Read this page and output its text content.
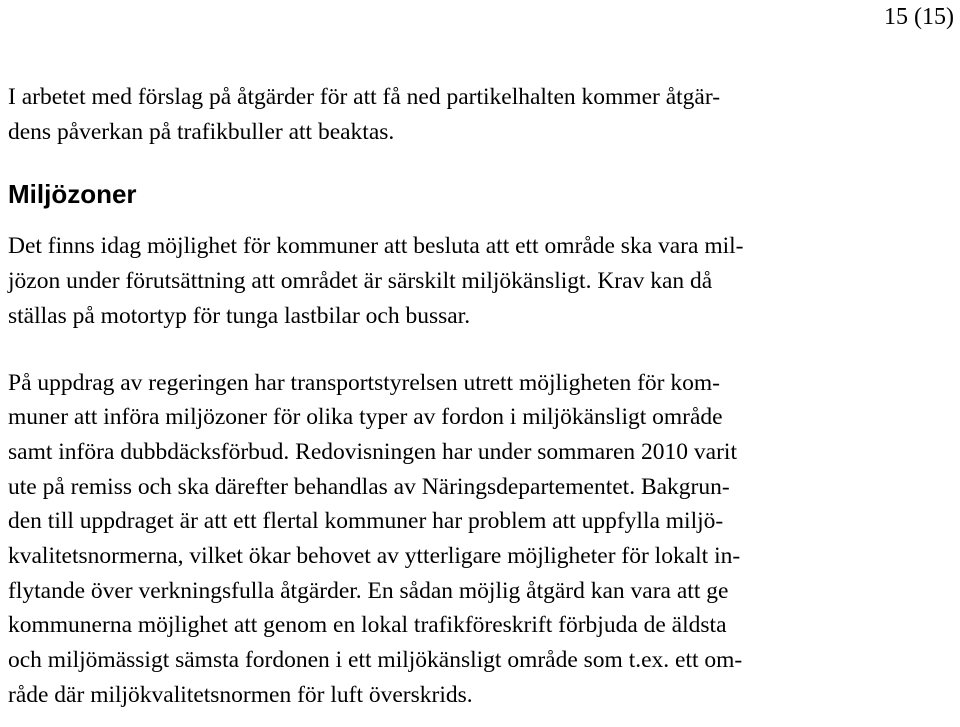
15 (15)
I arbetet med förslag på åtgärder för att få ned partikelhalten kommer åtgär-
dens påverkan på trafikbuller att beaktas.
Miljözoner
Det finns idag möjlighet för kommuner att besluta att ett område ska vara mil-
jözon under förutsättning att området är särskilt miljökänsligt. Krav kan då
ställas på motortyp för tunga lastbilar och bussar.
På uppdrag av regeringen har transportstyrelsen utrett möjligheten för kom-
muner att införa miljözoner för olika typer av fordon i miljökänsligt område
samt införa dubbdäcksförbud. Redovisningen har under sommaren 2010 varit
ute på remiss och ska därefter behandlas av Näringsdepartementet. Bakgrun-
den till uppdraget är att ett flertal kommuner har problem att uppfylla miljö-
kvalitetsnormerna, vilket ökar behovet av ytterligare möjligheter för lokalt in-
flytande över verkningsfulla åtgärder. En sådan möjlig åtgärd kan vara att ge
kommunerna möjlighet att genom en lokal trafikföreskrift förbjuda de äldsta
och miljömässigt sämsta fordonen i ett miljökänsligt område som t.ex. ett om-
råde där miljökvalitetsnormen för luft överskrids.
